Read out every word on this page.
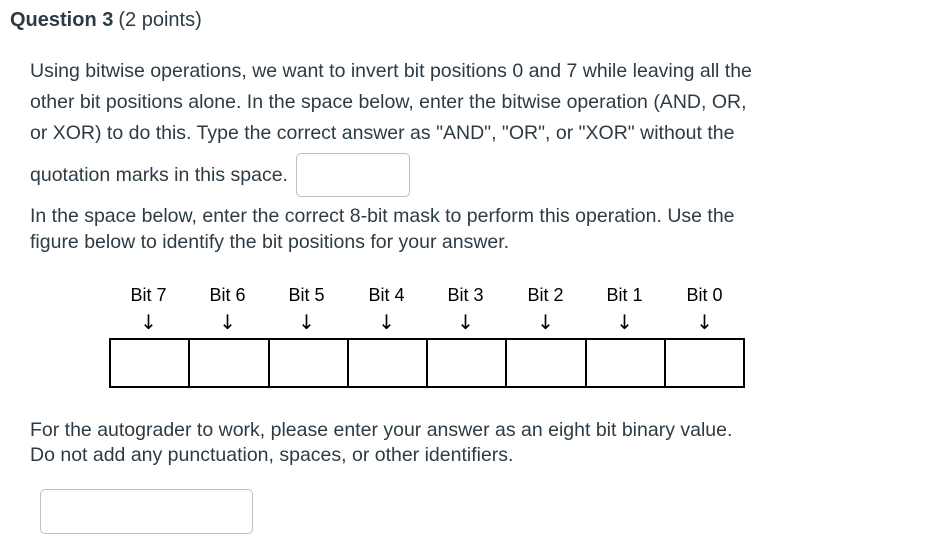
Question 3 (2 points)
Using bitwise operations, we want to invert bit positions 0 and 7 while leaving all the
other bit positions alone. In the space below, enter the bitwise operation (AND, OR,
or XOR) to do this. Type the correct answer as "AND", "OR", or "XOR" without the
quotation marks in this space.
In the space below, enter the correct 8-bit mask to perform this operation. Use the
figure below to identify the bit positions for your answer.
Bit 7
↓
Bit 6
↓
Bit 5
↓
Bit 4
↓
Bit 3
↓
Bit 2
↓
Bit 1
↓
Bit 0
↓
For the autograder to work, please enter your answer as an eight bit binary value.
Do not add any punctuation, spaces, or other identifiers.
